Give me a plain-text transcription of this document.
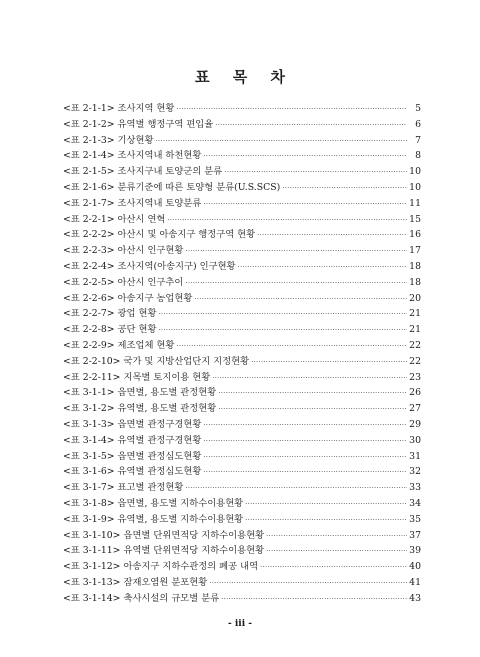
표 목 차
<표 2-1-1> 조사지역 현황 · · ·	5
<표 2-1-2> 유역별 행정구역 편입율 · · ·	6
<표 2-1-3> 기상현황 · · ·	7
<표 2-1-4> 조사지역내 하천현황 · · ·	8
<표 2-1-5> 조사지구내 토양군의 분류 · · ·	10
<표 2-1-6> 분류기준에 따른 토양형 분류(U.S.SCS) · · ·	10
<표 2-1-7> 조사지역내 토양분류 · · ·	11
<표 2-2-1> 아산시 연혁 · · ·	15
<표 2-2-2> 아산시 및 아송지구 행정구역 현황 · · ·	16
<표 2-2-3> 아산시 인구현황 · · ·	17
<표 2-2-4> 조사지역(아송지구) 인구현황 · · ·	18
<표 2-2-5> 아산시 인구추이 · · ·	18
<표 2-2-6> 아송지구 농업현황 · · ·	20
<표 2-2-7> 광업 현황 · · ·	21
<표 2-2-8> 공단 현황 · · ·	21
<표 2-2-9> 제조업체 현황 · · ·	22
<표 2-2-10> 국가 및 지방산업단지 지정현황 · · ·	22
<표 2-2-11> 지목별 토지이용 현황 · · ·	23
<표 3-1-1> 읍면별, 용도별 관정현황 · · ·	26
<표 3-1-2> 유역별, 용도별 관정현황 · · ·	27
<표 3-1-3> 읍면별 관정구경현황 · · ·	29
<표 3-1-4> 유역별 관정구경현황 · · ·	30
<표 3-1-5> 읍면별 관정심도현황 · · ·	31
<표 3-1-6> 유역별 관정심도현황 · · ·	32
<표 3-1-7> 표고별 관정현황 · · ·	33
<표 3-1-8> 읍면별, 용도별 지하수이용현황 · · ·	34
<표 3-1-9> 유역별, 용도별 지하수이용현황 · · ·	35
<표 3-1-10> 읍면별 단위면적당 지하수이용현황 · · ·	37
<표 3-1-11> 유역별 단위면적당 지하수이용현황 · · ·	39
<표 3-1-12> 아송지구 지하수관정의 폐공 내역 · · ·	40
<표 3-1-13> 잠재오염원 분포현황 · · ·	41
<표 3-1-14> 축사시설의 규모별 분류 · · ·	43
- iii -
